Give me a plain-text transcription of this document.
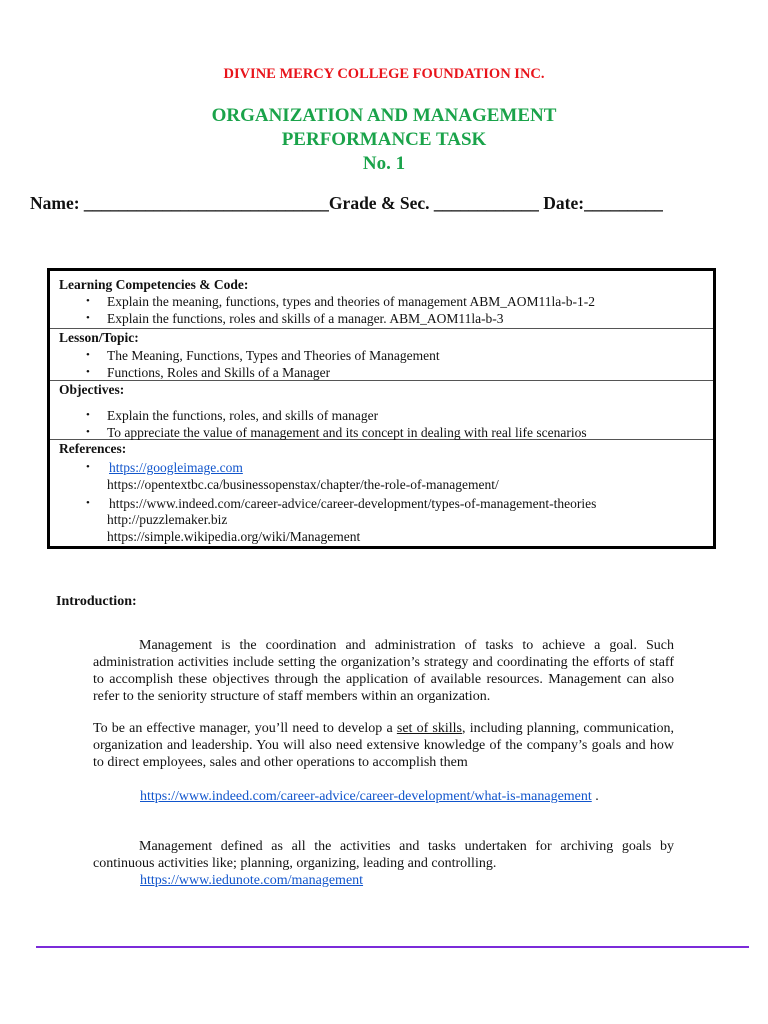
DIVINE MERCY COLLEGE FOUNDATION INC.
ORGANIZATION AND MANAGEMENT
PERFORMANCE TASK
No. 1
Name: ____________________________Grade & Sec. ____________ Date:_________
Learning Competencies & Code:
• Explain the meaning, functions, types and theories of management ABM_AOM11la-b-1-2
• Explain the functions, roles and skills of a manager. ABM_AOM11la-b-3
Lesson/Topic:
• The Meaning, Functions, Types and Theories of Management
• Functions, Roles and Skills of a Manager
Objectives:
• Explain the functions, roles, and skills of manager
• To appreciate the value of management and its concept in dealing with real life scenarios
References:
• https://googleimage.com
https://opentextbc.ca/businessopenstax/chapter/the-role-of-management/
• https://www.indeed.com/career-advice/career-development/types-of-management-theories
http://puzzlemaker.biz
https://simple.wikipedia.org/wiki/Management
Introduction:
Management is the coordination and administration of tasks to achieve a goal. Such administration activities include setting the organization’s strategy and coordinating the efforts of staff to accomplish these objectives through the application of available resources. Management can also refer to the seniority structure of staff members within an organization.
To be an effective manager, you’ll need to develop a set of skills, including planning, communication, organization and leadership. You will also need extensive knowledge of the company’s goals and how to direct employees, sales and other operations to accomplish them
https://www.indeed.com/career-advice/career-development/what-is-management .
Management defined as all the activities and tasks undertaken for archiving goals by continuous activities like; planning, organizing, leading and controlling.
https://www.iedunote.com/management
